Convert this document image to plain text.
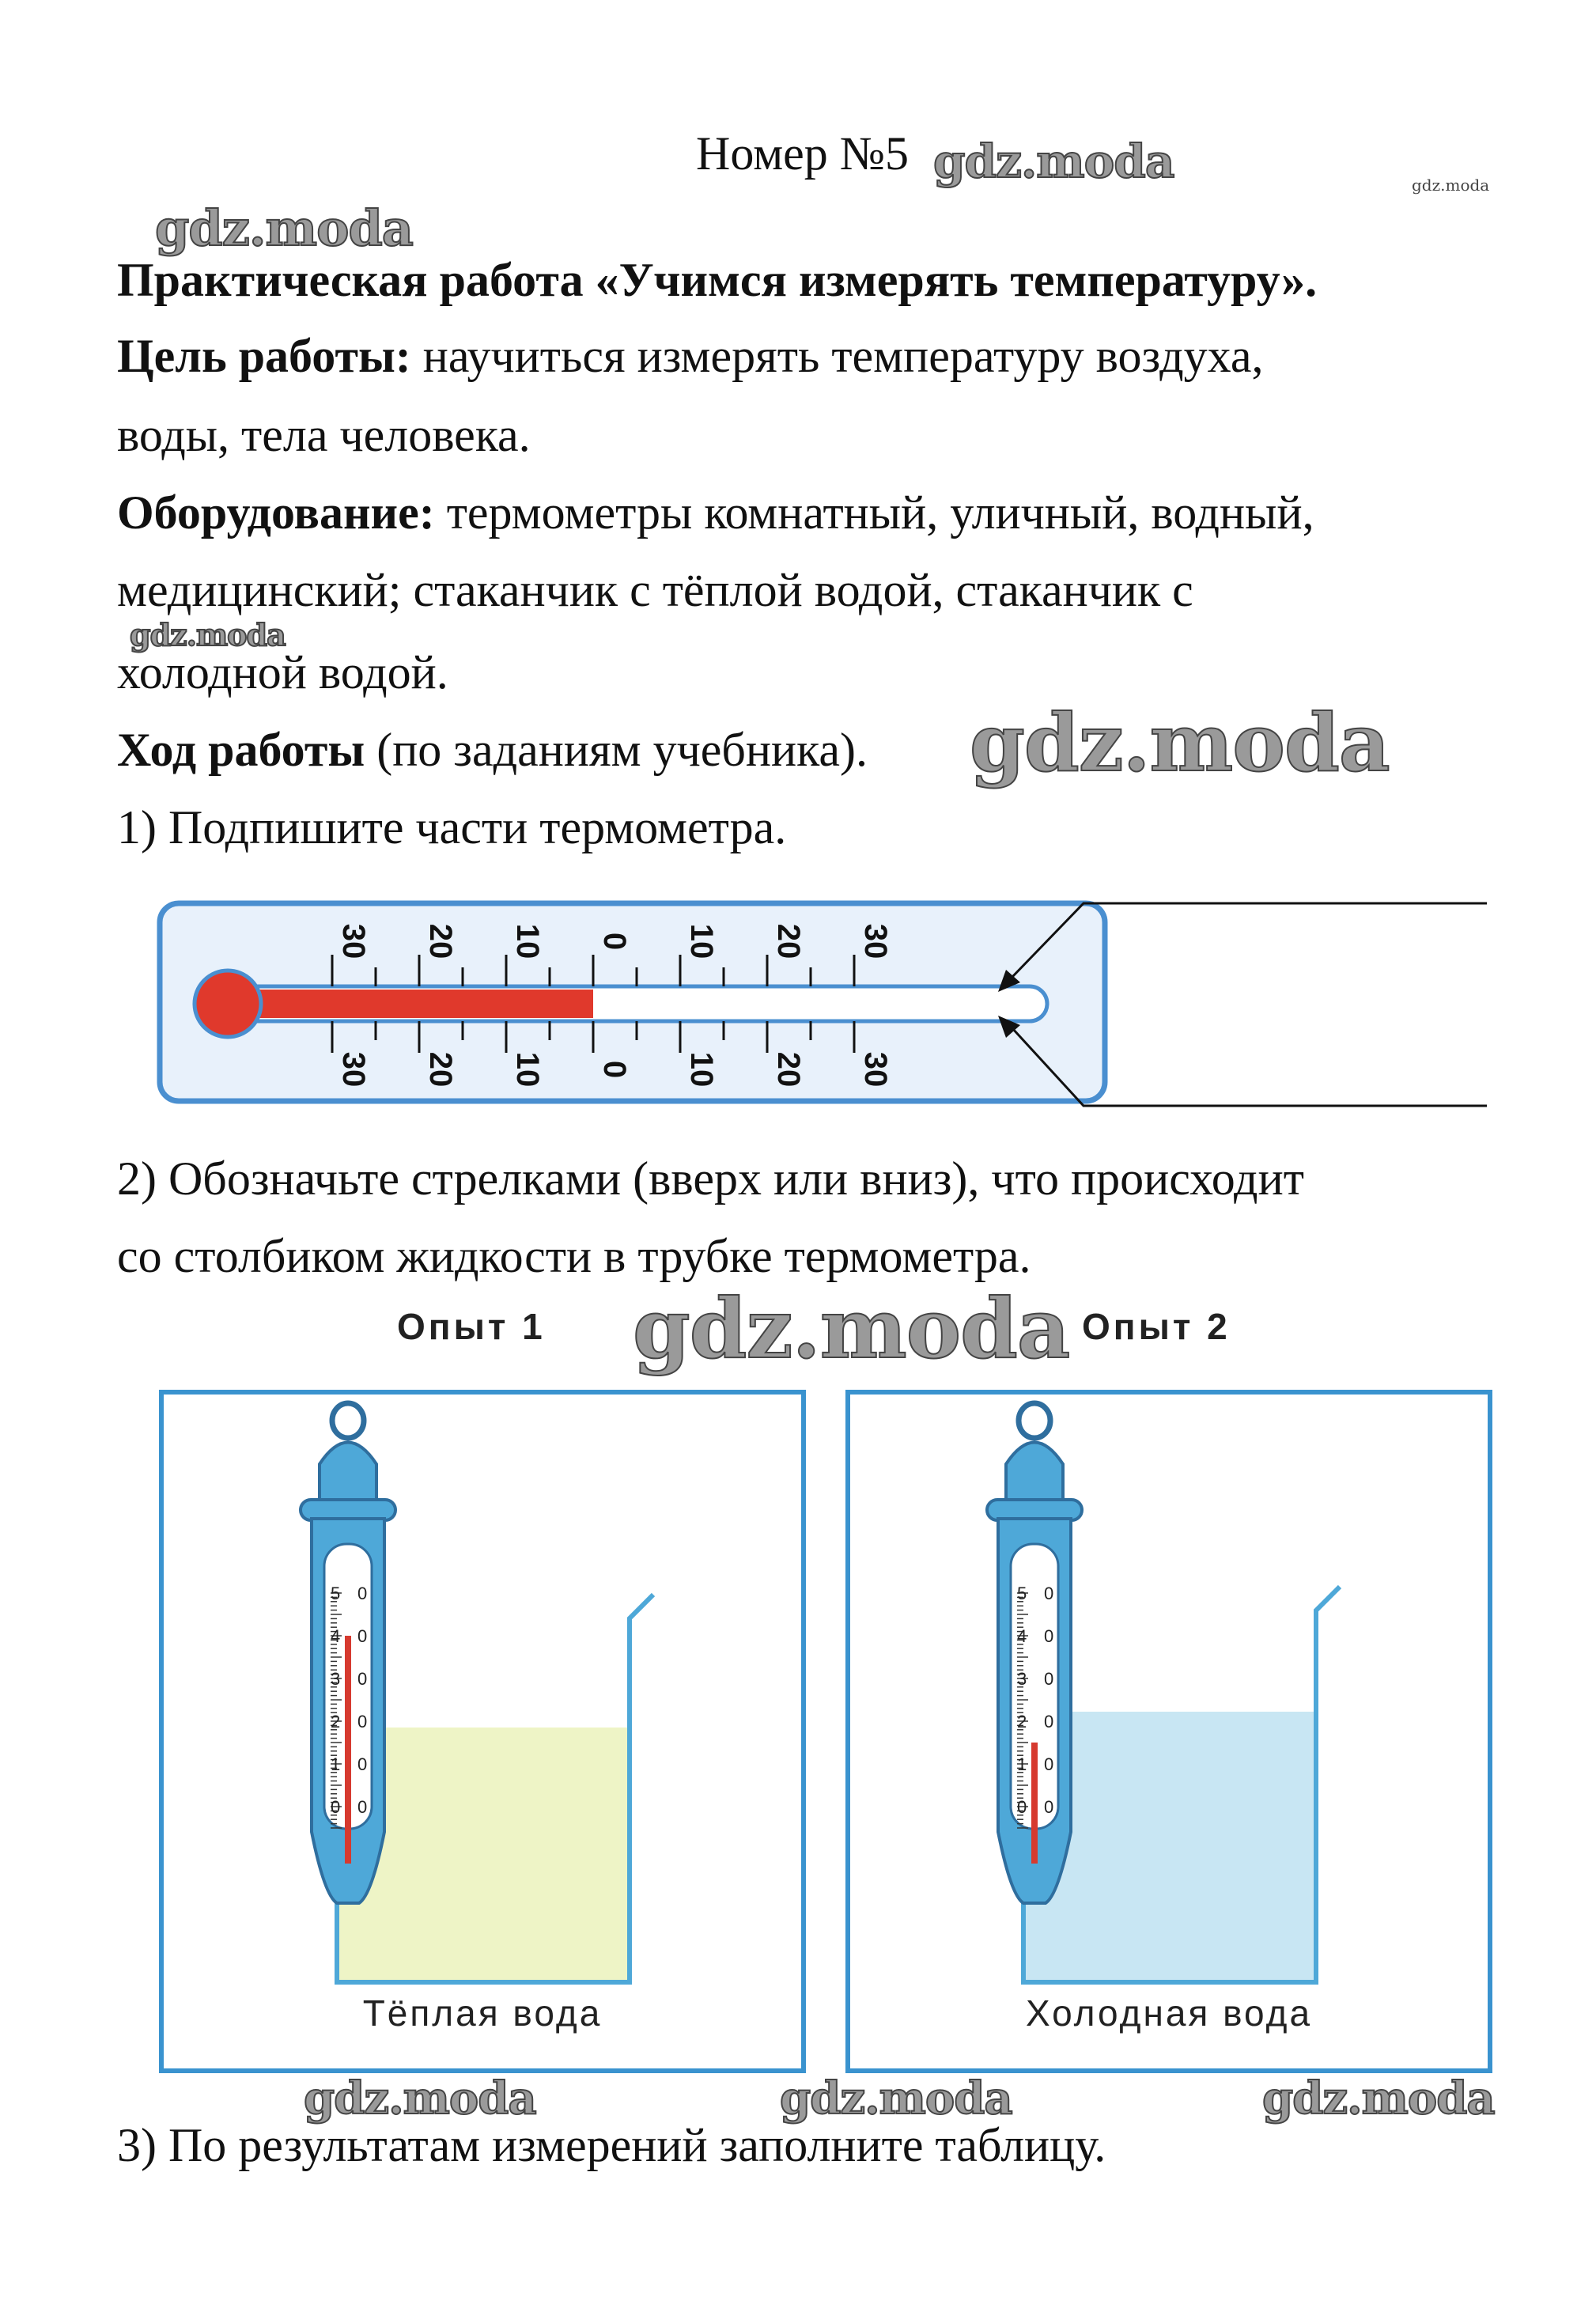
Номер №5 gdz.moda	gdz.moda
gdz.moda
Практическая работа «Учимся измерять температуру».
Цель работы: научиться измерять температуру воздуха,
воды, тела человека.
Оборудование: термометры комнатный, уличный, водный,
медицинский; стаканчик с тёплой водой, стаканчик с
gdz.moda
холодной водой.
Ход работы (по заданиям учебника). gdz.moda
1) Подпишите части термометра.
30 20 10 0 10 20 30
30 20 10 0 10 20 30
2) Обозначьте стрелками (вверх или вниз), что происходит
со столбиком жидкости в трубке термометра.
Опыт 1 gdz.moda Опыт 2
5 0
4 0
3 0
2 0
1 0
0 0
Тёплая вода
5 0
4 0
3 0
2 0
1 0
0 0
Холодная вода
gdz.moda	gdz.moda	gdz.moda
3) По результатам измерений заполните таблицу.
